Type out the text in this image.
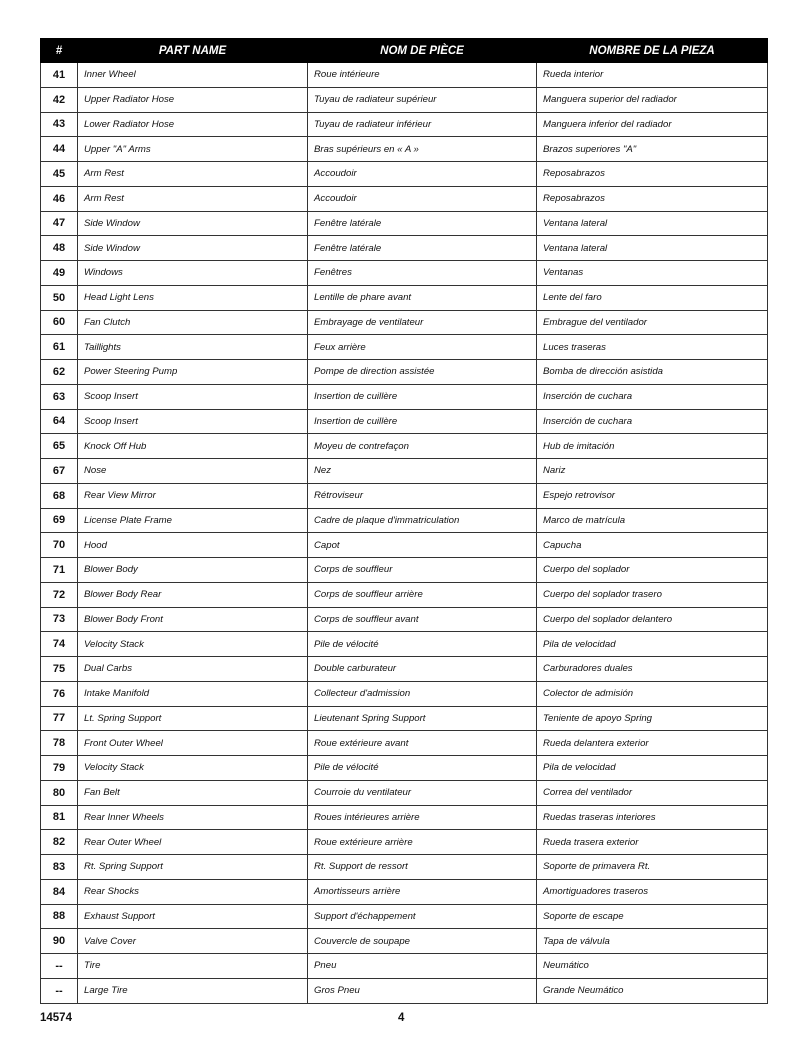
#	PART NAME	NOM DE PIÈCE	NOMBRE DE LA PIEZA
41	Inner Wheel	Roue intérieure	Rueda interior
42	Upper Radiator Hose	Tuyau de radiateur supérieur	Manguera superior del radiador
43	Lower Radiator Hose	Tuyau de radiateur inférieur	Manguera inferior del radiador
44	Upper "A" Arms	Bras supérieurs en « A »	Brazos superiores "A"
45	Arm Rest	Accoudoir	Reposabrazos
46	Arm Rest	Accoudoir	Reposabrazos
47	Side Window	Fenêtre latérale	Ventana lateral
48	Side Window	Fenêtre latérale	Ventana lateral
49	Windows	Fenêtres	Ventanas
50	Head Light Lens	Lentille de phare avant	Lente del faro
60	Fan Clutch	Embrayage de ventilateur	Embrague del ventilador
61	Taillights	Feux arrière	Luces traseras
62	Power Steering Pump	Pompe de direction assistée	Bomba de dirección asistida
63	Scoop Insert	Insertion de cuillère	Inserción de cuchara
64	Scoop Insert	Insertion de cuillère	Inserción de cuchara
65	Knock Off Hub	Moyeu de contrefaçon	Hub de imitación
67	Nose	Nez	Nariz
68	Rear View Mirror	Rétroviseur	Espejo retrovisor
69	License Plate Frame	Cadre de plaque d'immatriculation	Marco de matrícula
70	Hood	Capot	Capucha
71	Blower Body	Corps de souffleur	Cuerpo del soplador
72	Blower Body Rear	Corps de souffleur arrière	Cuerpo del soplador trasero
73	Blower Body Front	Corps de souffleur avant	Cuerpo del soplador delantero
74	Velocity Stack	Pile de vélocité	Pila de velocidad
75	Dual Carbs	Double carburateur	Carburadores duales
76	Intake Manifold	Collecteur d'admission	Colector de admisión
77	Lt. Spring Support	Lieutenant Spring Support	Teniente de apoyo Spring
78	Front Outer Wheel	Roue extérieure avant	Rueda delantera exterior
79	Velocity Stack	Pile de vélocité	Pila de velocidad
80	Fan Belt	Courroie du ventilateur	Correa del ventilador
81	Rear Inner Wheels	Roues intérieures arrière	Ruedas traseras interiores
82	Rear Outer Wheel	Roue extérieure arrière	Rueda trasera exterior
83	Rt. Spring Support	Rt. Support de ressort	Soporte de primavera Rt.
84	Rear Shocks	Amortisseurs arrière	Amortiguadores traseros
88	Exhaust Support	Support d'échappement	Soporte de escape
90	Valve Cover	Couvercle de soupape	Tapa de válvula
--	Tire	Pneu	Neumático
--	Large Tire	Gros Pneu	Grande Neumático
14574	4
